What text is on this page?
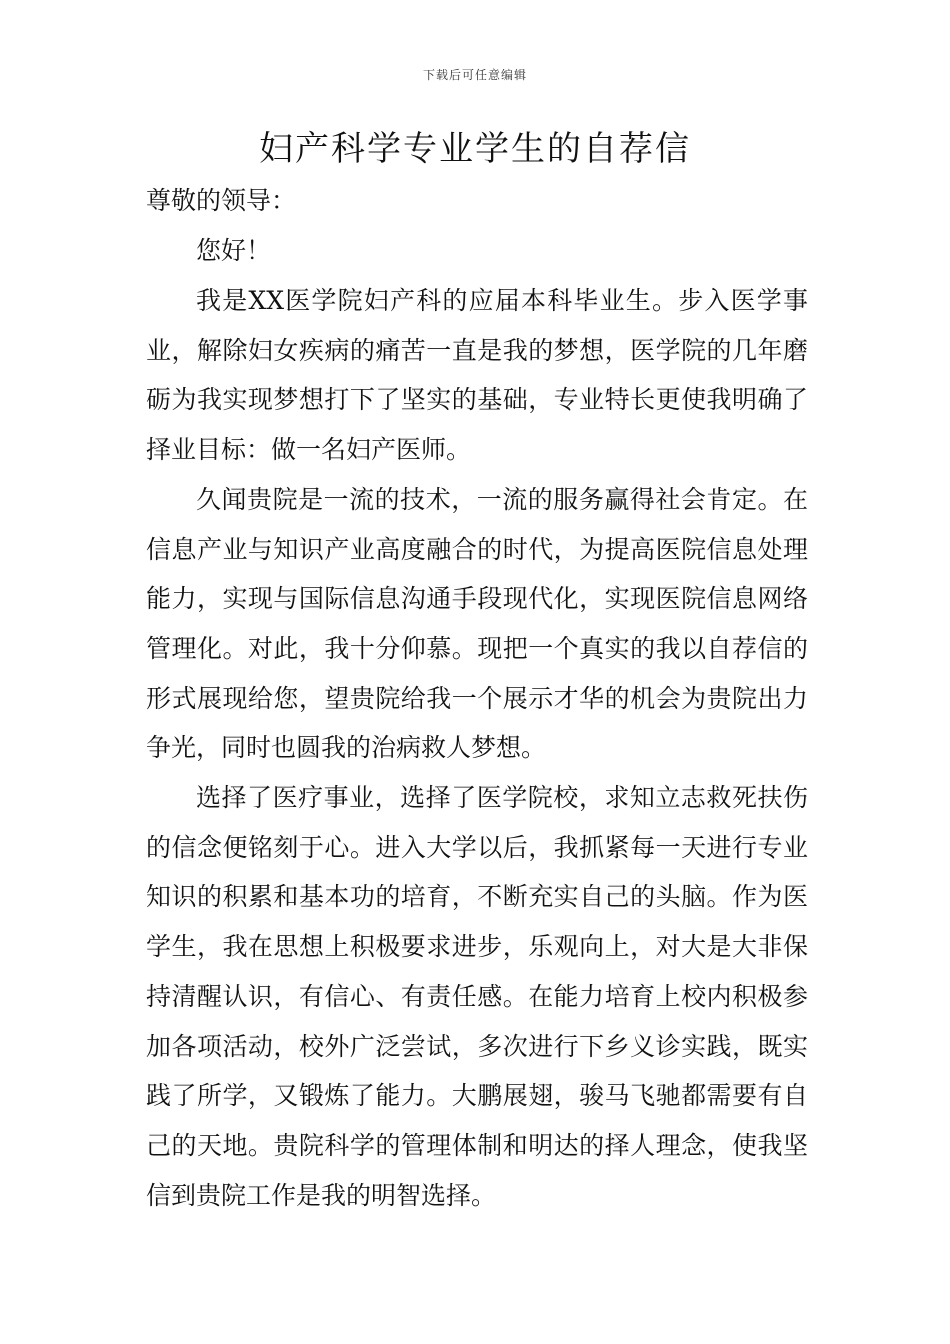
下载后可任意编辑
妇产科学专业学生的自荐信

尊敬的领导：

您好！

我是XX医学院妇产科的应届本科毕业生。步入医学事业，解除妇女疾病的痛苦一直是我的梦想，医学院的几年磨砺为我实现梦想打下了坚实的基础，专业特长更使我明确了择业目标：做一名妇产医师。

久闻贵院是一流的技术，一流的服务赢得社会肯定。在信息产业与知识产业高度融合的时代，为提高医院信息处理能力，实现与国际信息沟通手段现代化，实现医院信息网络管理化。对此，我十分仰慕。现把一个真实的我以自荐信的形式展现给您，望贵院给我一个展示才华的机会为贵院出力争光，同时也圆我的治病救人梦想。

选择了医疗事业，选择了医学院校，求知立志救死扶伤的信念便铭刻于心。进入大学以后，我抓紧每一天进行专业知识的积累和基本功的培育，不断充实自己的头脑。作为医学生，我在思想上积极要求进步，乐观向上，对大是大非保持清醒认识，有信心、有责任感。在能力培育上校内积极参加各项活动，校外广泛尝试，多次进行下乡义诊实践，既实践了所学，又锻炼了能力。大鹏展翅，骏马飞驰都需要有自己的天地。贵院科学的管理体制和明达的择人理念，使我坚信到贵院工作是我的明智选择。
